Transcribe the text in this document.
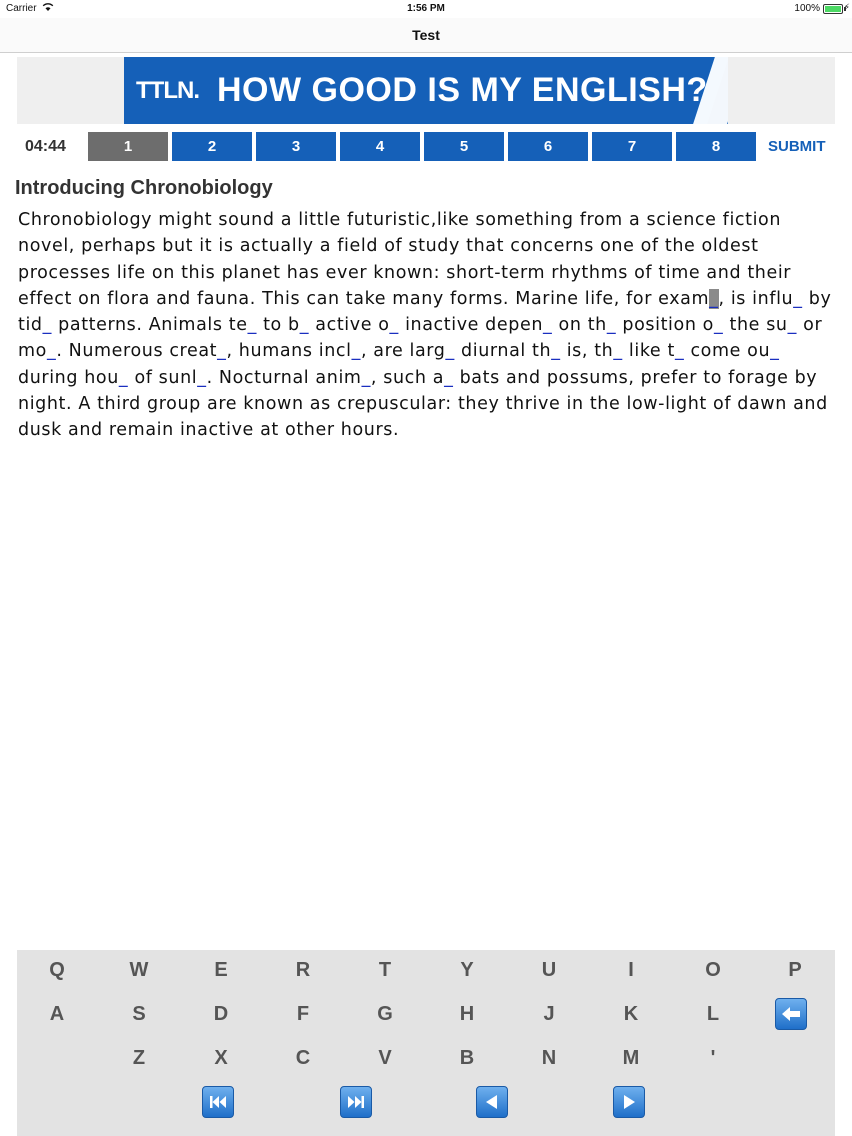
Carrier	1:56 PM	100%	⚡
Test
TTLN. HOW GOOD IS MY ENGLISH?
04:44	1	2	3	4	5	6	7	8	SUBMIT
Introducing Chronobiology
Chronobiology might sound a little futuristic,like something from a science fiction novel, perhaps but it is actually a field of study that concerns one of the oldest processes life on this planet has ever known: short-term rhythms of time and their effect on flora and fauna. This can take many forms. Marine life, for exam_, is influ_ by tid_ patterns. Animals te_ to b_ active o_ inactive depen_ on th_ position o_ the su_ or mo_. Numerous creat_, humans incl_, are larg_ diurnal th_ is, th_ like t_ come ou_ during hou_ of sunl_. Nocturnal anim_, such a_ bats and possums, prefer to forage by night. A third group are known as crepuscular: they thrive in the low-light of dawn and dusk and remain inactive at other hours.
Q	W	E	R	T	Y	U	I	O	P
A	S	D	F	G	H	J	K	L
Z	X	C	V	B	N	M	'
